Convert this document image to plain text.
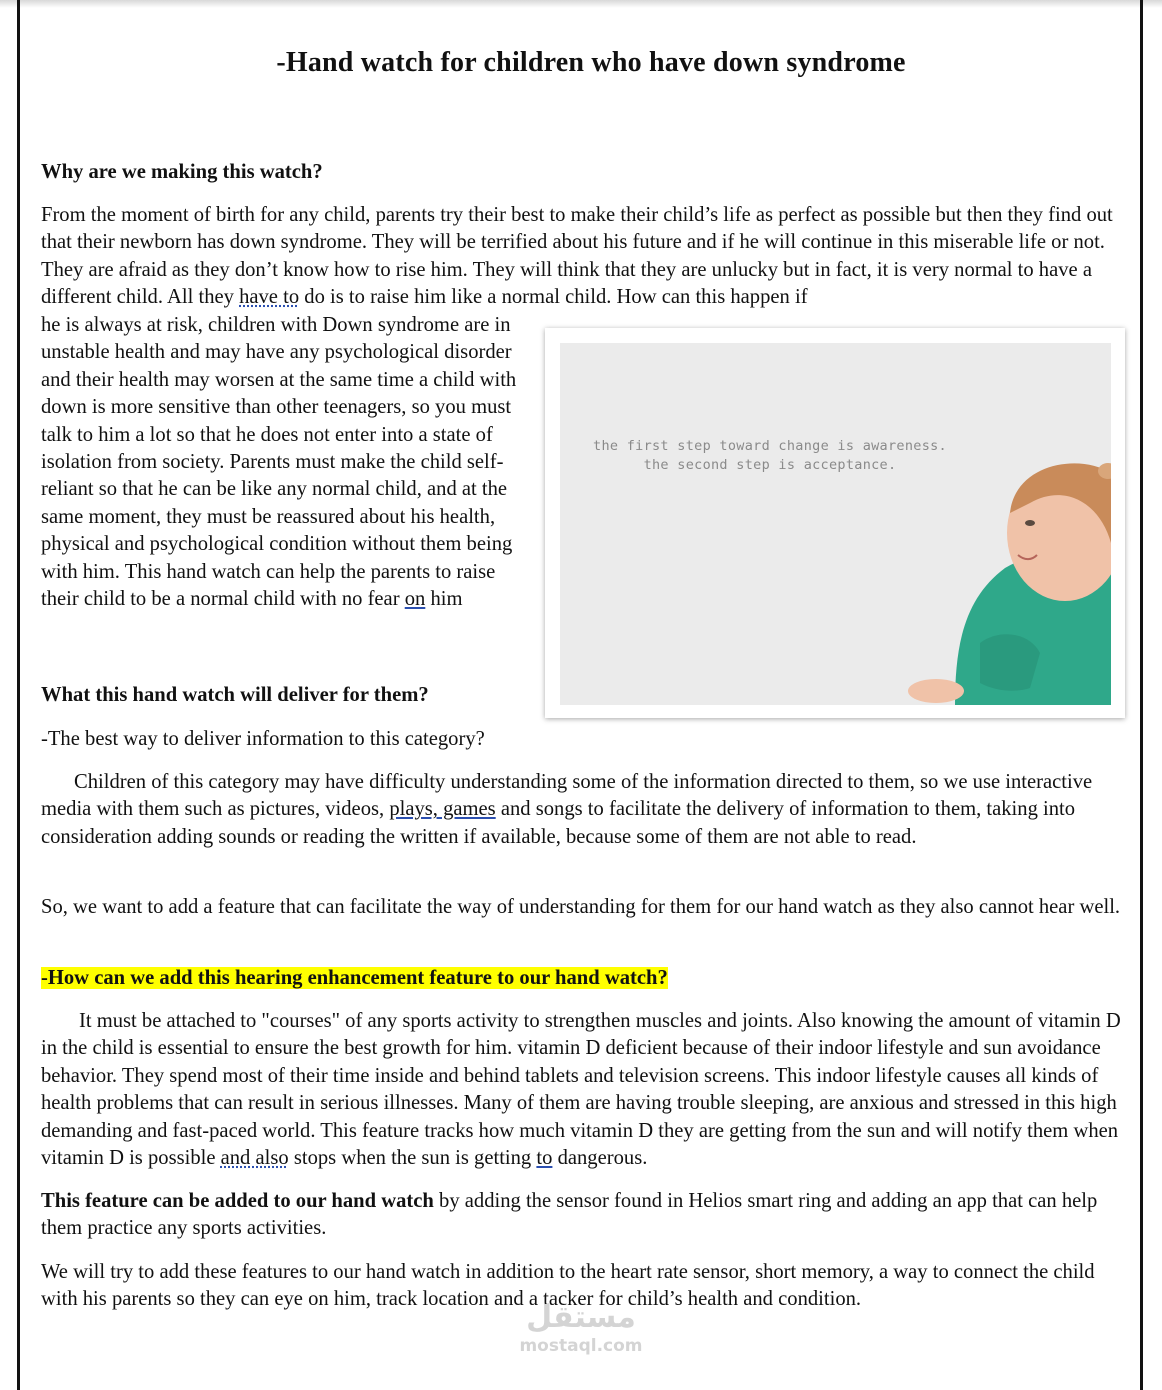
-Hand watch for children who have down syndrome

Why are we making this watch?

From the moment of birth for any child, parents try their best to make their child’s life as perfect as possible but then they find out that their newborn has down syndrome. They will be terrified about his future and if he will continue in this miserable life or not. They are afraid as they don’t know how to rise him. They will think that they are unlucky but in fact, it is very normal to have a different child. All they have to do is to raise him like a normal child. How can this happen if

he is always at risk, children with Down syndrome are in unstable health and may have any psychological disorder and their health may worsen at the same time a child with down is more sensitive than other teenagers, so you must talk to him a lot so that he does not enter into a state of isolation from society. Parents must make the child self-reliant so that he can be like any normal child, and at the same moment, they must be reassured about his health, physical and psychological condition without them being with him. This hand watch can help the parents to raise their child to be a normal child with no fear on him

What this hand watch will deliver for them?

-The best way to deliver information to this category?

Children of this category may have difficulty understanding some of the information directed to them, so we use interactive media with them such as pictures, videos, plays, games and songs to facilitate the delivery of information to them, taking into consideration adding sounds or reading the written if available, because some of them are not able to read.

So, we want to add a feature that can facilitate the way of understanding for them for our hand watch as they also cannot hear well.

-How can we add this hearing enhancement feature to our hand watch?

It must be attached to "courses" of any sports activity to strengthen muscles and joints. Also knowing the amount of vitamin D in the child is essential to ensure the best growth for him. vitamin D deficient because of their indoor lifestyle and sun avoidance behavior. They spend most of their time inside and behind tablets and television screens. This indoor lifestyle causes all kinds of health problems that can result in serious illnesses. Many of them are having trouble sleeping, are anxious and stressed in this high demanding and fast-paced world. This feature tracks how much vitamin D they are getting from the sun and will notify them when vitamin D is possible and also stops when the sun is getting to dangerous.

This feature can be added to our hand watch by adding the sensor found in Helios smart ring and adding an app that can help them practice any sports activities.

We will try to add these features to our hand watch in addition to the heart rate sensor, short memory, a way to connect the child with his parents so they can eye on him, track location and a tacker for child’s health and condition.

the first step toward change is awareness.
the second step is acceptance.
مستقل
mostaql.com
